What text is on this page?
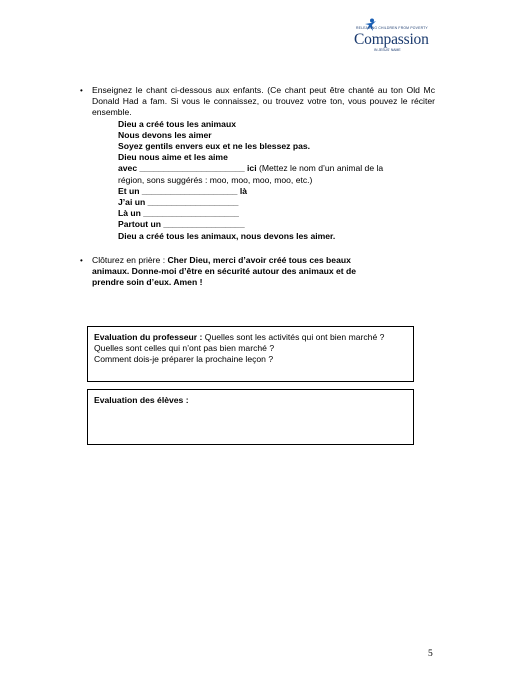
RELEASING CHILDREN FROM POVERTY
Compassion
IN JESUS' NAME
• Enseignez le chant ci-dessous aux enfants. (Ce chant peut être chanté au ton Old Mc Donald Had a fam. Si vous le connaissez, ou trouvez votre ton, vous pouvez le réciter ensemble.
Dieu a créé tous les animaux
Nous devons les aimer
Soyez gentils envers eux et ne les blessez pas.
Dieu nous aime et les aime
avec ______________________ ici (Mettez le nom d’un animal de la
région, sons suggérés : moo, moo, moo, moo, etc.)
Et un ____________________ là
J’ai un ___________________
Là un ____________________
Partout un _________________
Dieu a créé tous les animaux, nous devons les aimer.
• Clôturez en prière : Cher Dieu, merci d’avoir créé tous ces beaux
animaux. Donne-moi d’être en sécurité autour des animaux et de
prendre soin d’eux. Amen !
Evaluation du professeur : Quelles sont les activités qui ont bien marché ? Quelles sont celles qui n’ont pas bien marché ?
Comment dois-je préparer la prochaine leçon ?
Evaluation des élèves :
5
